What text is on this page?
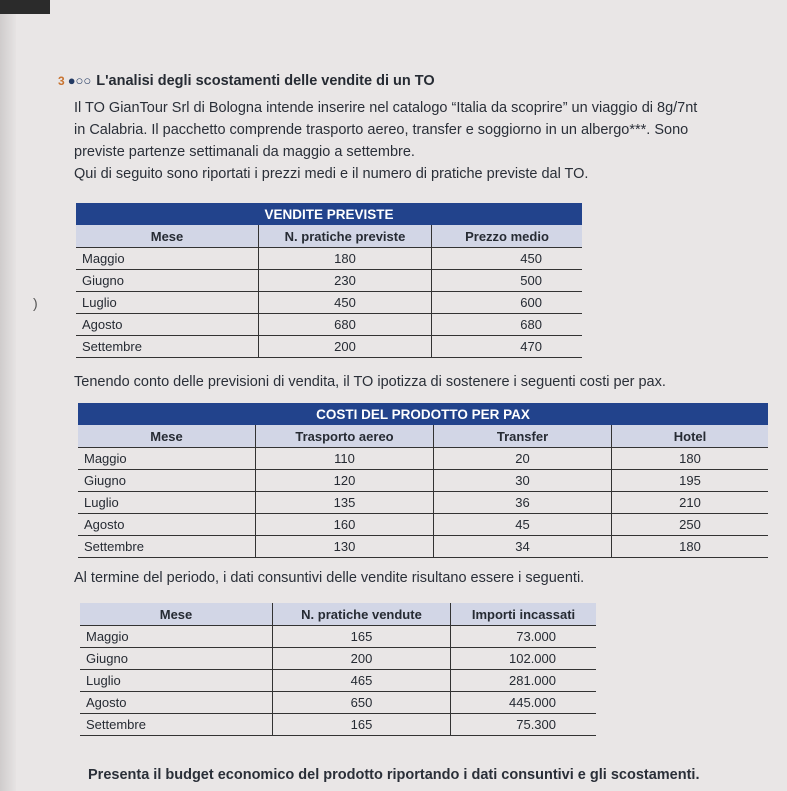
)
3 ●○○ L'analisi degli scostamenti delle vendite di un TO
Il TO GianTour Srl di Bologna intende inserire nel catalogo “Italia da scoprire” un viaggio di 8g/7nt
in Calabria. Il pacchetto comprende trasporto aereo, transfer e soggiorno in un albergo***. Sono
previste partenze settimanali da maggio a settembre.
Qui di seguito sono riportati i prezzi medi e il numero di pratiche previste dal TO.
VENDITE PREVISTE		
Mese	N. pratiche previste	Prezzo medio
Maggio	180	450
Giugno	230	500
Luglio	450	600
Agosto	680	680
Settembre	200	470
Tenendo conto delle previsioni di vendita, il TO ipotizza di sostenere i seguenti costi per pax.
COSTI DEL PRODOTTO PER PAX			
Mese	Trasporto aereo	Transfer	Hotel
Maggio	110	20	180
Giugno	120	30	195
Luglio	135	36	210
Agosto	160	45	250
Settembre	130	34	180
Al termine del periodo, i dati consuntivi delle vendite risultano essere i seguenti.
Mese	N. pratiche vendute	Importi incassati
Maggio	165	73.000
Giugno	200	102.000
Luglio	465	281.000
Agosto	650	445.000
Settembre	165	75.300
Presenta il budget economico del prodotto riportando i dati consuntivi e gli scostamenti.
